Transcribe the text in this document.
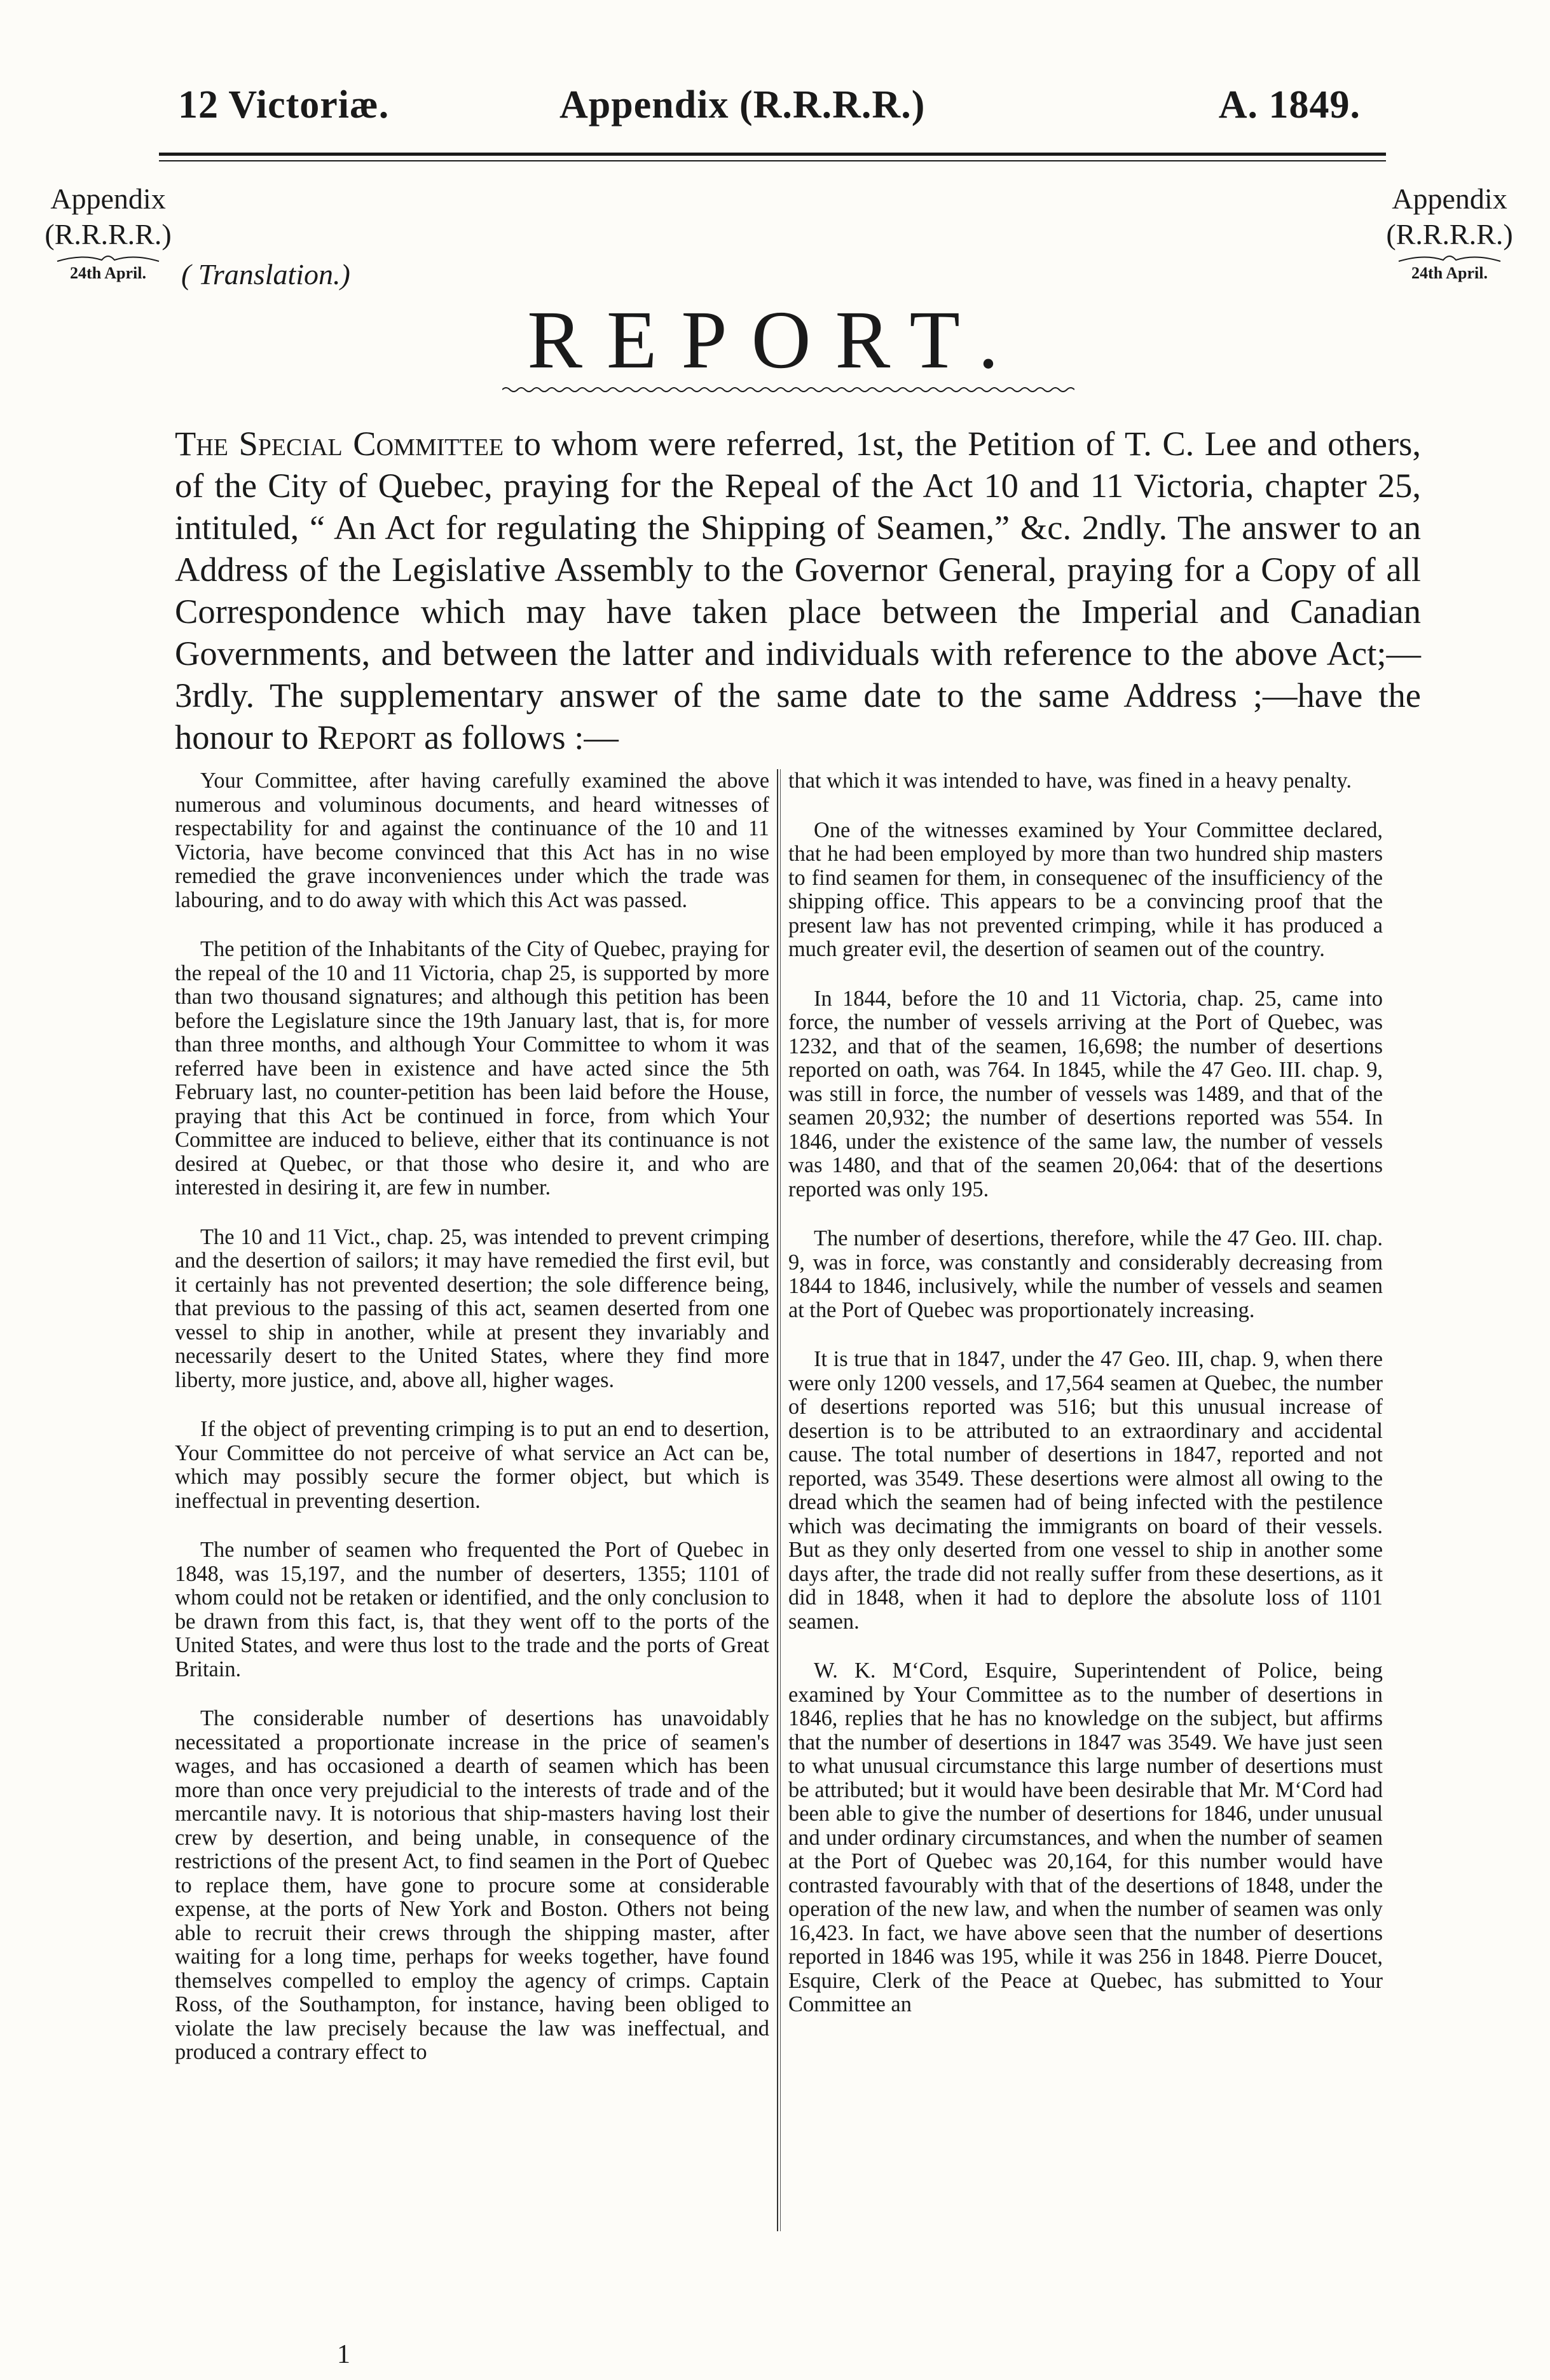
12 Victoriæ.	Appendix (R.R.R.R.)	A. 1849.
Appendix
(R.R.R.R.)
24th April.
Appendix
(R.R.R.R.)
24th April.
( Translation.)
REPORT.
The Special Committee to whom were referred, 1st, the Petition of T. C. Lee and others, of the City of Quebec, praying for the Repeal of the Act 10 and 11 Victoria, chapter 25, intituled, “ An Act for regulating the Shipping of Seamen,” &c. 2ndly. The answer to an Address of the Legislative Assembly to the Governor General, praying for a Copy of all Correspondence which may have taken place between the Imperial and Canadian Governments, and between the latter and individuals with reference to the above Act;—3rdly. The supplementary answer of the same date to the same Address ;—have the honour to Report as follows :—

Your Committee, after having carefully examined the above numerous and voluminous documents, and heard witnesses of respectability for and against the continuance of the 10 and 11 Victoria, have become convinced that this Act has in no wise remedied the grave inconveniences under which the trade was labouring, and to do away with which this Act was passed.

The petition of the Inhabitants of the City of Quebec, praying for the repeal of the 10 and 11 Victoria, chap 25, is supported by more than two thousand signatures; and although this petition has been before the Legislature since the 19th January last, that is, for more than three months, and although Your Committee to whom it was referred have been in existence and have acted since the 5th February last, no counter-petition has been laid before the House, praying that this Act be continued in force, from which Your Committee are induced to believe, either that its continuance is not desired at Quebec, or that those who desire it, and who are interested in desiring it, are few in number.

The 10 and 11 Vict., chap. 25, was intended to prevent crimping and the desertion of sailors; it may have remedied the first evil, but it certainly has not prevented desertion; the sole difference being, that previous to the passing of this act, seamen deserted from one vessel to ship in another, while at present they invariably and necessarily desert to the United States, where they find more liberty, more justice, and, above all, higher wages.

If the object of preventing crimping is to put an end to desertion, Your Committee do not perceive of what service an Act can be, which may possibly secure the former object, but which is ineffectual in preventing desertion.

The number of seamen who frequented the Port of Quebec in 1848, was 15,197, and the number of deserters, 1355; 1101 of whom could not be retaken or identified, and the only conclusion to be drawn from this fact, is, that they went off to the ports of the United States, and were thus lost to the trade and the ports of Great Britain.

The considerable number of desertions has unavoidably necessitated a proportionate increase in the price of seamen's wages, and has occasioned a dearth of seamen which has been more than once very prejudicial to the interests of trade and of the mercantile navy. It is notorious that ship-masters having lost their crew by desertion, and being unable, in consequence of the restrictions of the present Act, to find seamen in the Port of Quebec to replace them, have gone to procure some at considerable expense, at the ports of New York and Boston. Others not being able to recruit their crews through the shipping master, after waiting for a long time, perhaps for weeks together, have found themselves compelled to employ the agency of crimps. Captain Ross, of the Southampton, for instance, having been obliged to violate the law precisely because the law was ineffectual, and produced a contrary effect to

that which it was intended to have, was fined in a heavy penalty.

One of the witnesses examined by Your Committee declared, that he had been employed by more than two hundred ship masters to find seamen for them, in consequenec of the insufficiency of the shipping office. This appears to be a convincing proof that the present law has not prevented crimping, while it has produced a much greater evil, the desertion of seamen out of the country.

In 1844, before the 10 and 11 Victoria, chap. 25, came into force, the number of vessels arriving at the Port of Quebec, was 1232, and that of the seamen, 16,698; the number of desertions reported on oath, was 764. In 1845, while the 47 Geo. III. chap. 9, was still in force, the number of vessels was 1489, and that of the seamen 20,932; the number of desertions reported was 554. In 1846, under the existence of the same law, the number of vessels was 1480, and that of the seamen 20,064: that of the desertions reported was only 195.

The number of desertions, therefore, while the 47 Geo. III. chap. 9, was in force, was constantly and considerably decreasing from 1844 to 1846, inclusively, while the number of vessels and seamen at the Port of Quebec was proportionately increasing.

It is true that in 1847, under the 47 Geo. III, chap. 9, when there were only 1200 vessels, and 17,564 seamen at Quebec, the number of desertions reported was 516; but this unusual increase of desertion is to be attributed to an extraordinary and accidental cause. The total number of desertions in 1847, reported and not reported, was 3549. These desertions were almost all owing to the dread which the seamen had of being infected with the pestilence which was decimating the immigrants on board of their vessels. But as they only deserted from one vessel to ship in another some days after, the trade did not really suffer from these desertions, as it did in 1848, when it had to deplore the absolute loss of 1101 seamen.

W. K. M‘Cord, Esquire, Superintendent of Police, being examined by Your Committee as to the number of desertions in 1846, replies that he has no knowledge on the subject, but affirms that the number of desertions in 1847 was 3549. We have just seen to what unusual circumstance this large number of desertions must be attributed; but it would have been desirable that Mr. M‘Cord had been able to give the number of desertions for 1846, under unusual and under ordinary circumstances, and when the number of seamen at the Port of Quebec was 20,164, for this number would have contrasted favourably with that of the desertions of 1848, under the operation of the new law, and when the number of seamen was only 16,423. In fact, we have above seen that the number of desertions reported in 1846 was 195, while it was 256 in 1848. Pierre Doucet, Esquire, Clerk of the Peace at Quebec, has submitted to Your Committee an

1
